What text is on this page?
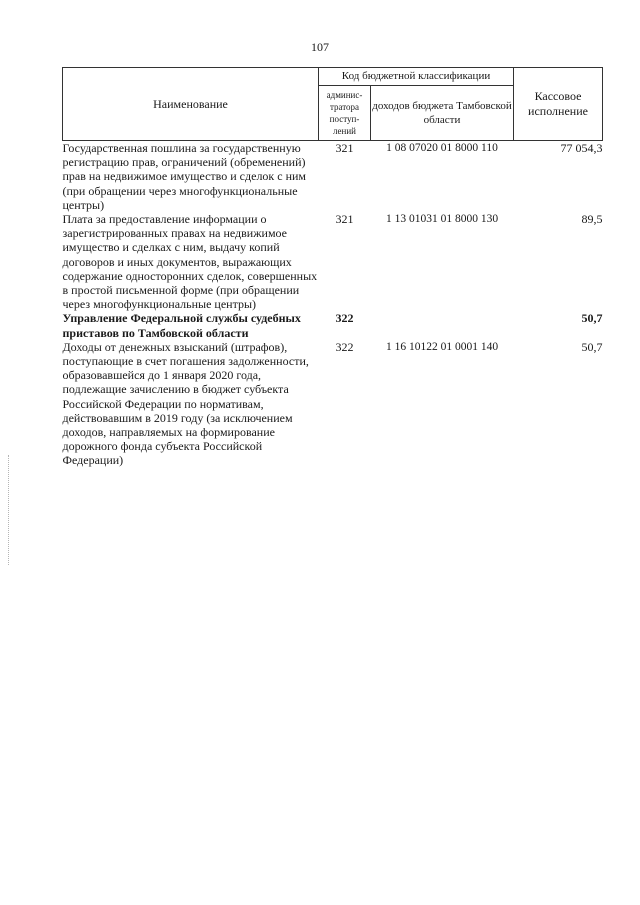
107
Наименование	Код бюджетной классификации		Кассовое исполнение
	админис-тратора поступ-лений	доходов бюджета Тамбовской области	
Государственная пошлина за государственную регистрацию прав, ограничений (обременений) прав на недвижимое имущество и сделок с ним (при обращении через многофункциональные центры)	321	1 08 07020 01 8000 110	77 054,3
Плата за предоставление информации о зарегистрированных правах на недвижимое имущество и сделках с ним, выдачу копий договоров и иных документов, выражающих содержание односторонних сделок, совершенных в простой письменной форме (при обращении через многофункциональные центры)	321	1 13 01031 01 8000 130	89,5
Управление Федеральной службы судебных приставов по Тамбовской области	322		50,7
Доходы от денежных взысканий (штрафов), поступающие в счет погашения задолженности, образовавшейся до 1 января 2020 года, подлежащие зачислению в бюджет субъекта Российской Федерации по нормативам, действовавшим в 2019 году (за исключением доходов, направляемых на формирование дорожного фонда субъекта Российской Федерации)	322	1 16 10122 01 0001 140	50,7
